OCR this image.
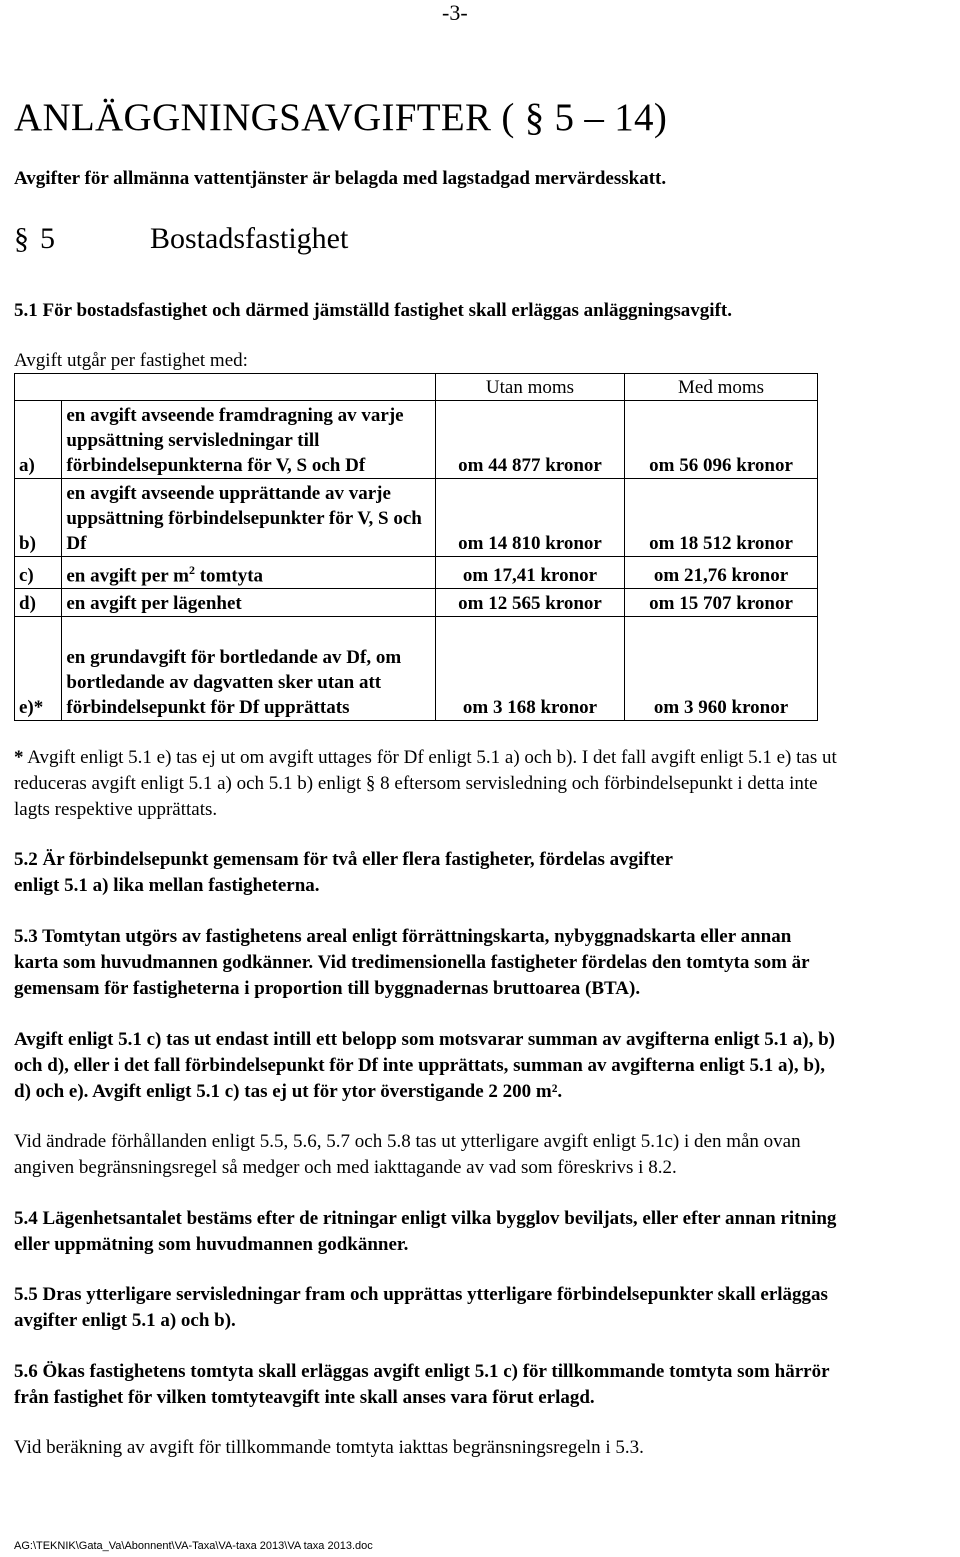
-3-
ANLÄGGNINGSAVGIFTER ( § 5 – 14)
Avgifter för allmänna vattentjänster är belagda med lagstadgad mervärdesskatt.
§ 5	Bostadsfastighet
5.1 För bostadsfastighet och därmed jämställd fastighet skall erläggas anläggningsavgift.
Avgift utgår per fastighet med:
		Utan moms	Med moms
a)	en avgift avseende framdragning av varje uppsättning servisledningar till förbindelsepunkterna för V, S och Df	om 44 877 kronor	om 56 096 kronor
b)	en avgift avseende upprättande av varje uppsättning förbindelsepunkter för V, S och Df	om 14 810 kronor	om 18 512 kronor
c)	en avgift per $m^2$ tomtyta	om 17,41 kronor	om 21,76 kronor
d)	en avgift per lägenhet	om 12 565 kronor	om 15 707 kronor
e)*	en grundavgift för bortledande av Df, om bortledande av dagvatten sker utan att förbindelsepunkt för Df upprättats	om 3 168 kronor	om 3 960 kronor
* Avgift enligt 5.1 e) tas ej ut om avgift uttages för Df enligt 5.1 a) och b). I det fall avgift enligt 5.1 e) tas ut
reduceras avgift enligt 5.1 a) och 5.1 b) enligt § 8 eftersom servisledning och förbindelsepunkt i detta inte
lagts respektive upprättats.
5.2 Är förbindelsepunkt gemensam för två eller flera fastigheter, fördelas avgifter
enligt 5.1 a) lika mellan fastigheterna.
5.3 Tomtytan utgörs av fastighetens areal enligt förrättningskarta, nybyggnadskarta eller annan
karta som huvudmannen godkänner. Vid tredimensionella fastigheter fördelas den tomtyta som är
gemensam för fastigheterna i proportion till byggnadernas bruttoarea (BTA).
Avgift enligt 5.1 c) tas ut endast intill ett belopp som motsvarar summan av avgifterna enligt 5.1 a), b)
och d), eller i det fall förbindelsepunkt för Df inte upprättats, summan av avgifterna enligt 5.1 a), b),
d) och e). Avgift enligt 5.1 c) tas ej ut för ytor överstigande 2 200 m².
Vid ändrade förhållanden enligt 5.5, 5.6, 5.7 och 5.8 tas ut ytterligare avgift enligt 5.1c) i den mån ovan
angiven begränsningsregel så medger och med iakttagande av vad som föreskrivs i 8.2.
5.4 Lägenhetsantalet bestäms efter de ritningar enligt vilka bygglov beviljats, eller efter annan ritning
eller uppmätning som huvudmannen godkänner.
5.5 Dras ytterligare servisledningar fram och upprättas ytterligare förbindelsepunkter skall erläggas
avgifter enligt 5.1 a) och b).
5.6 Ökas fastighetens tomtyta skall erläggas avgift enligt 5.1 c) för tillkommande tomtyta som härrör
från fastighet för vilken tomtyteavgift inte skall anses vara förut erlagd.
Vid beräkning av avgift för tillkommande tomtyta iakttas begränsningsregeln i 5.3.
AG:\TEKNIK\Gata_Va\Abonnent\VA-Taxa\VA-taxa 2013\VA taxa 2013.doc
